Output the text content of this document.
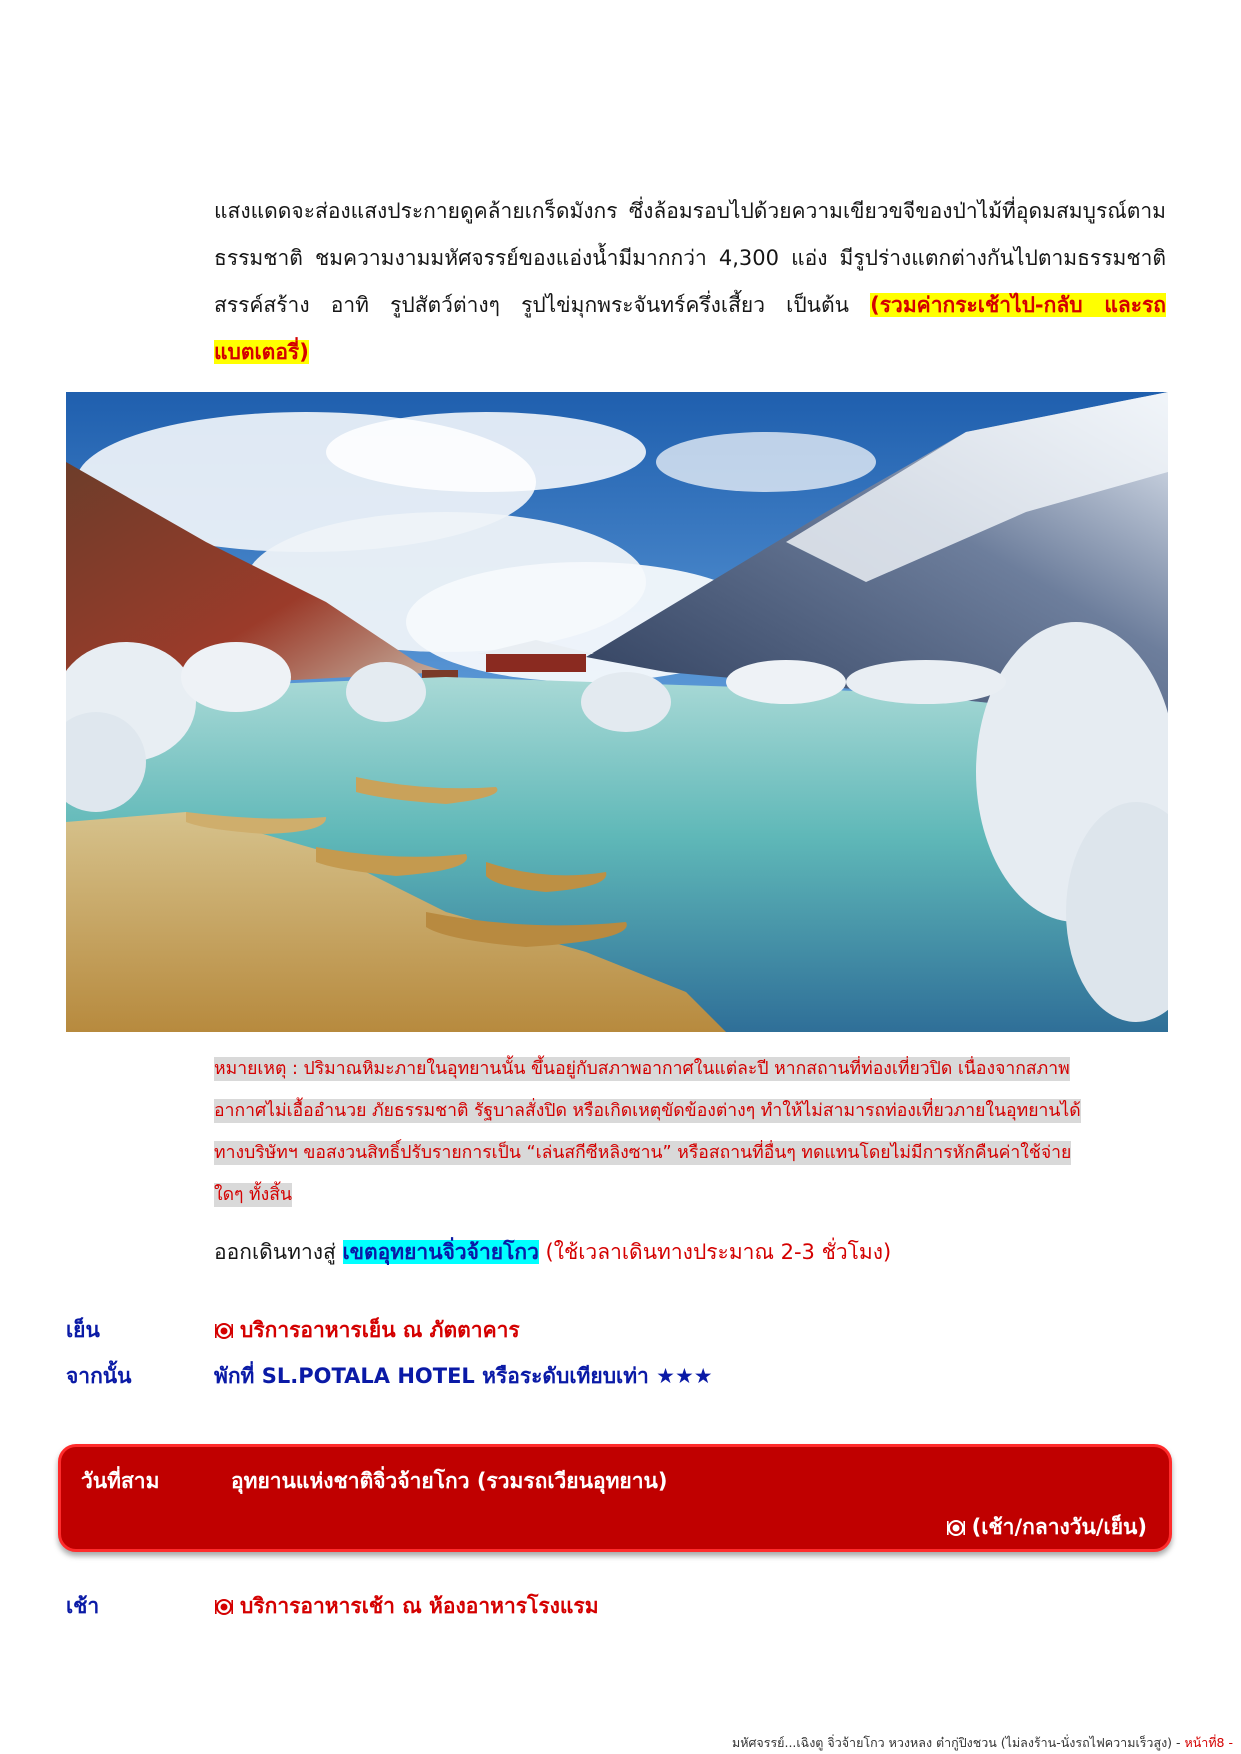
แสงแดดจะส่องแสงประกายดูคล้ายเกร็ดมังกร ซึ่งล้อมรอบไปด้วยความเขียวขจีของป่าไม้ที่อุดมสมบูรณ์ตามธรรมชาติ ชมความงามมหัศจรรย์ของแอ่งน้ำมีมากกว่า 4,300 แอ่ง มีรูปร่างแตกต่างกันไปตามธรรมชาติสรรค์สร้าง อาทิ รูปสัตว์ต่างๆ รูปไข่มุกพระจันทร์ครึ่งเสี้ยว เป็นต้น (รวมค่ากระเช้าไป-กลับ และรถแบตเตอรี่)
หมายเหตุ : ปริมาณหิมะภายในอุทยานนั้น ขึ้นอยู่กับสภาพอากาศในแต่ละปี หากสถานที่ท่องเที่ยวปิด เนื่องจากสภาพ
อากาศไม่เอื้ออำนวย ภัยธรรมชาติ รัฐบาลสั่งปิด หรือเกิดเหตุขัดข้องต่างๆ ทำให้ไม่สามารถท่องเที่ยวภายในอุทยานได้
ทางบริษัทฯ ขอสงวนสิทธิ์ปรับรายการเป็น “เล่นสกีซีหลิงซาน” หรือสถานที่อื่นๆ ทดแทนโดยไม่มีการหักคืนค่าใช้จ่าย
ใดๆ ทั้งสิ้น
ออกเดินทางสู่ เขตอุทยานจิ่วจ้ายโกว (ใช้เวลาเดินทางประมาณ 2-3 ชั่วโมง)
เย็น	บริการอาหารเย็น ณ ภัตตาคาร
จากนั้น	พักที่ SL.POTALA HOTEL หรือระดับเทียบเท่า ★★★
วันที่สาม	อุทยานแห่งชาติจิ่วจ้ายโกว (รวมรถเวียนอุทยาน)
(เช้า/กลางวัน/เย็น)
เช้า	บริการอาหารเช้า ณ ห้องอาหารโรงแรม
มหัศจรรย์...เฉิงตู จิ่วจ้ายโกว หวงหลง ต๋ากู่ปิงชวน (ไม่ลงร้าน-นั่งรถไฟความเร็วสูง) - หน้าที่8 -
